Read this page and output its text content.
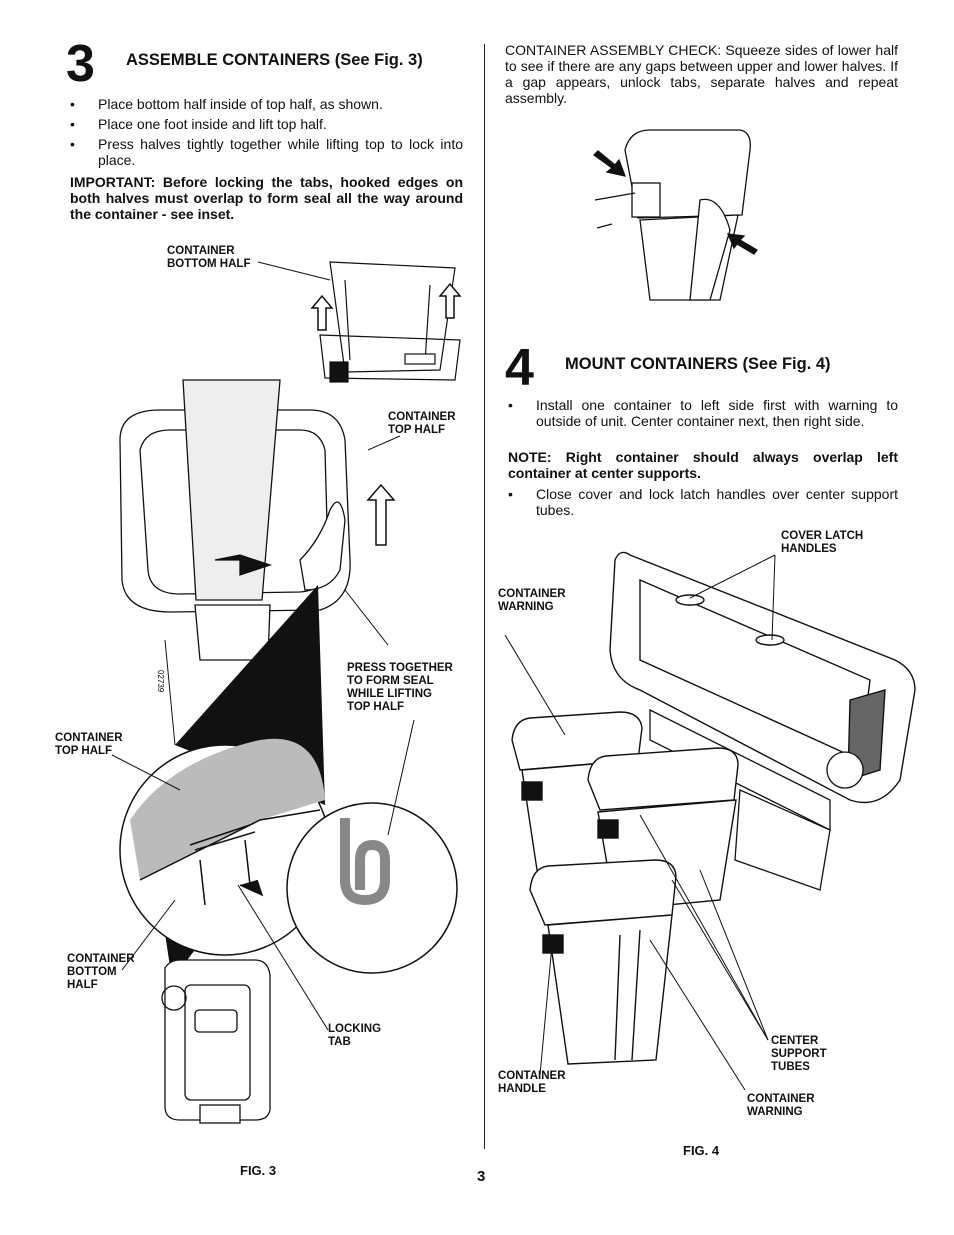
3 ASSEMBLE CONTAINERS (See Fig. 3)
• Place bottom half inside of top half, as shown.
• Place one foot inside and lift top half.
• Press halves tightly together while lifting top to lock into place.
IMPORTANT: Before locking the tabs, hooked edges on both halves must overlap to form seal all the way around the container - see inset.
02739
CONTAINER
BOTTOM HALF
CONTAINER
TOP HALF
PRESS TOGETHER
TO FORM SEAL
WHILE LIFTING
TOP HALF
CONTAINER
TOP HALF
CONTAINER
BOTTOM
HALF
LOCKING
TAB
FIG. 3
CONTAINER ASSEMBLY CHECK: Squeeze sides of lower half to see if there are any gaps between upper and lower halves. If a gap appears, unlock tabs, separate halves and repeat assembly.
4 MOUNT CONTAINERS (See Fig. 4)
• Install one container to left side first with warning to outside of unit. Center container next, then right side.
NOTE: Right container should always overlap left container at center supports.
• Close cover and lock latch handles over center support tubes.
COVER LATCH
HANDLES
CONTAINER
WARNING
CENTER
SUPPORT
TUBES
CONTAINER
HANDLE
CONTAINER
WARNING
FIG. 4
3
